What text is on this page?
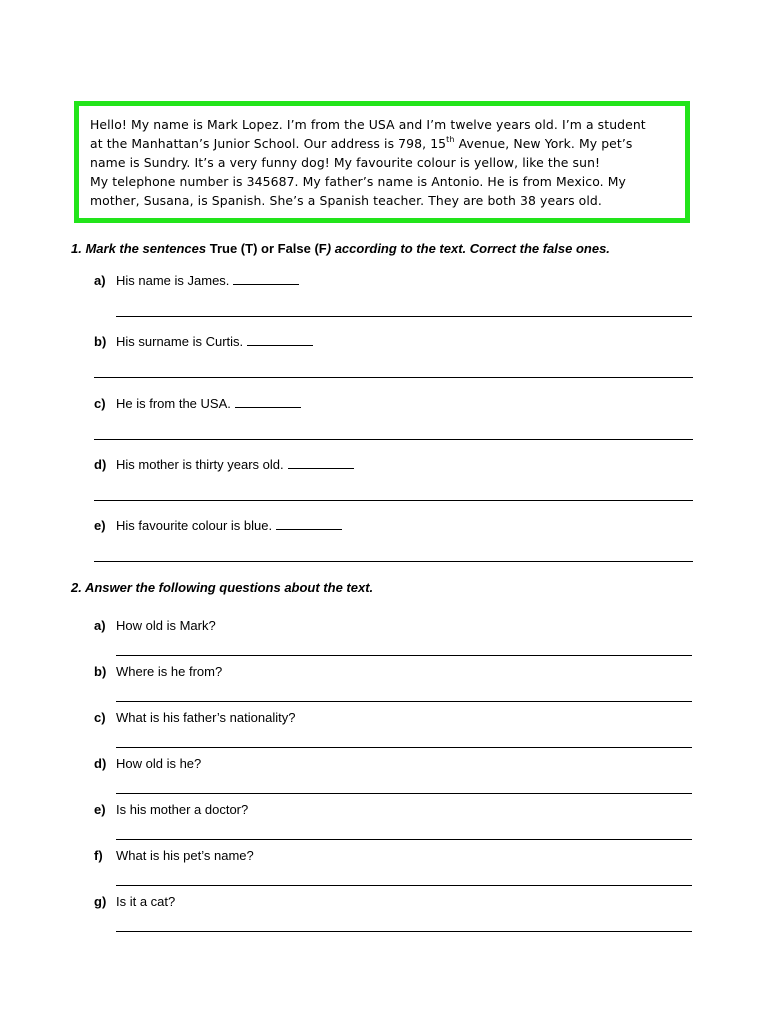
Hello! My name is Mark Lopez. I’m from the USA and I’m twelve years old. I’m a student
at the Manhattan’s Junior School. Our address is 798, 15th Avenue, New York. My pet’s
name is Sundry. It’s a very funny dog! My favourite colour is yellow, like the sun!
My telephone number is 345687. My father’s name is Antonio. He is from Mexico. My
mother, Susana, is Spanish. She’s a Spanish teacher. They are both 38 years old.
1. Mark the sentences True (T) or False (F) according to the text. Correct the false ones.
a) His name is James.
b) His surname is Curtis.
c) He is from the USA.
d) His mother is thirty years old.
e) His favourite colour is blue.
2. Answer the following questions about the text.
a) How old is Mark?
b) Where is he from?
c) What is his father’s nationality?
d) How old is he?
e) Is his mother a doctor?
f) What is his pet’s name?
g) Is it a cat?
